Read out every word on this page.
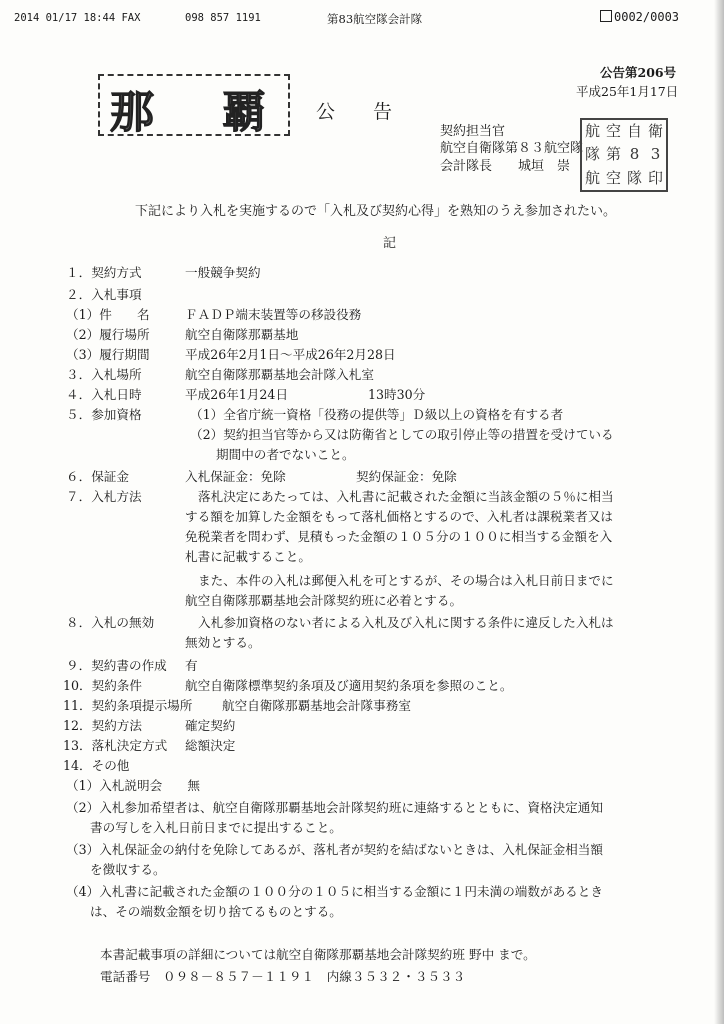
2014 01/17 18:44 FAX	098 857 1191	第83航空隊会計隊	0002/0003
那 覇	公　　告
公告第206号
平成25年1月17日
契約担当官
航空自衛隊第８３航空隊
会計隊長　　城垣　崇
航 空 自 衛
隊 第 8 3
航 空 隊 印
下記により入札を実施するので「入札及び契約心得」を熟知のうえ参加されたい。
記
１．契約方式	一般競争契約
２．入札事項
（1）件　　名	ＦＡＤＰ端末装置等の移設役務
（2）履行場所	航空自衛隊那覇基地
（3）履行期間	平成26年2月1日～平成26年2月28日
３．入札場所	航空自衛隊那覇基地会計隊入札室
４．入札日時	平成26年1月24日	13時30分
５．参加資格	（1）全省庁統一資格「役務の提供等」Ｄ級以上の資格を有する者
（2）契約担当官等から又は防衛省としての取引停止等の措置を受けている
期間中の者でないこと。
６．保証金	入札保証金：免除	契約保証金：免除
７．入札方法	落札決定にあたっては、入札書に記載された金額に当該金額の５％に相当
する額を加算した金額をもって落札価格とするので、入札者は課税業者又は
免税業者を問わず、見積もった金額の１０５分の１００に相当する金額を入
札書に記載すること。
また、本件の入札は郵便入札を可とするが、その場合は入札日前日までに
航空自衛隊那覇基地会計隊契約班に必着とする。
８．入札の無効	入札参加資格のない者による入札及び入札に関する条件に違反した入札は
無効とする。
９．契約書の作成 有
10．契約条件	航空自衛隊標準契約条項及び適用契約条項を参照のこと。
11．契約条項提示場所 航空自衛隊那覇基地会計隊事務室
12．契約方法	確定契約
13．落札決定方式 総額決定
14．その他
（1）入札説明会　　無
（2）入札参加希望者は、航空自衛隊那覇基地会計隊契約班に連絡するとともに、資格決定通知
書の写しを入札日前日までに提出すること。
（3）入札保証金の納付を免除してあるが、落札者が契約を結ばないときは、入札保証金相当額
を徴収する。
（4）入札書に記載された金額の１００分の１０５に相当する金額に１円未満の端数があるとき
は、その端数金額を切り捨てるものとする。
本書記載事項の詳細については航空自衛隊那覇基地会計隊契約班 野中 まで。
電話番号　０９８－８５７－１１９１　内線３５３２・３５３３
